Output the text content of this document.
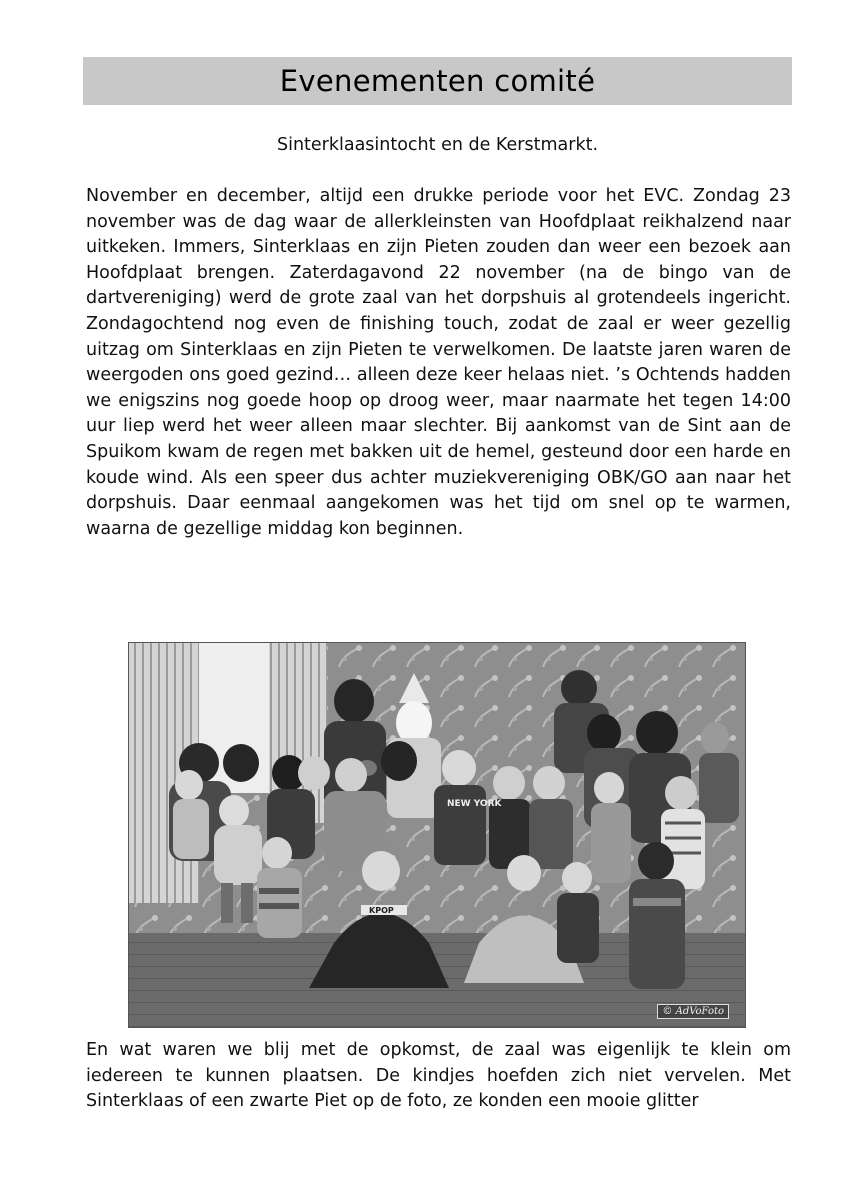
Evenementen comité

Sinterklaasintocht en de Kerstmarkt.

November en december, altijd een drukke periode voor het EVC. Zondag 23 november was de dag waar de allerkleinsten van Hoofdplaat reikhalzend naar uitkeken. Immers, Sinterklaas en zijn Pieten zouden dan weer een bezoek aan Hoofdplaat brengen. Zaterdagavond 22 november (na de bingo van de dartvereniging) werd de grote zaal van het dorpshuis al grotendeels ingericht. Zondagochtend nog even de finishing touch, zodat de zaal er weer gezellig uitzag om Sinterklaas en zijn Pieten te verwelkomen. De laatste jaren waren de weergoden ons goed gezind… alleen deze keer helaas niet. ’s Ochtends hadden we enigszins nog goede hoop op droog weer, maar naarmate het tegen 14:00 uur liep werd het weer alleen maar slechter. Bij aankomst van de Sint aan de Spuikom kwam de regen met bakken uit de hemel, gesteund door een harde en koude wind. Als een speer dus achter muziekvereniging OBK/GO aan naar het dorpshuis. Daar eenmaal aangekomen was het tijd om snel op te warmen, waarna de gezellige middag kon beginnen.

NEW YORK
KPOP
© AdVoFoto

En wat waren we blij met de opkomst, de zaal was eigenlijk te klein om iedereen te kunnen plaatsen. De kindjes hoefden zich niet vervelen. Met Sinterklaas of een zwarte Piet op de foto, ze konden een mooie glitter
